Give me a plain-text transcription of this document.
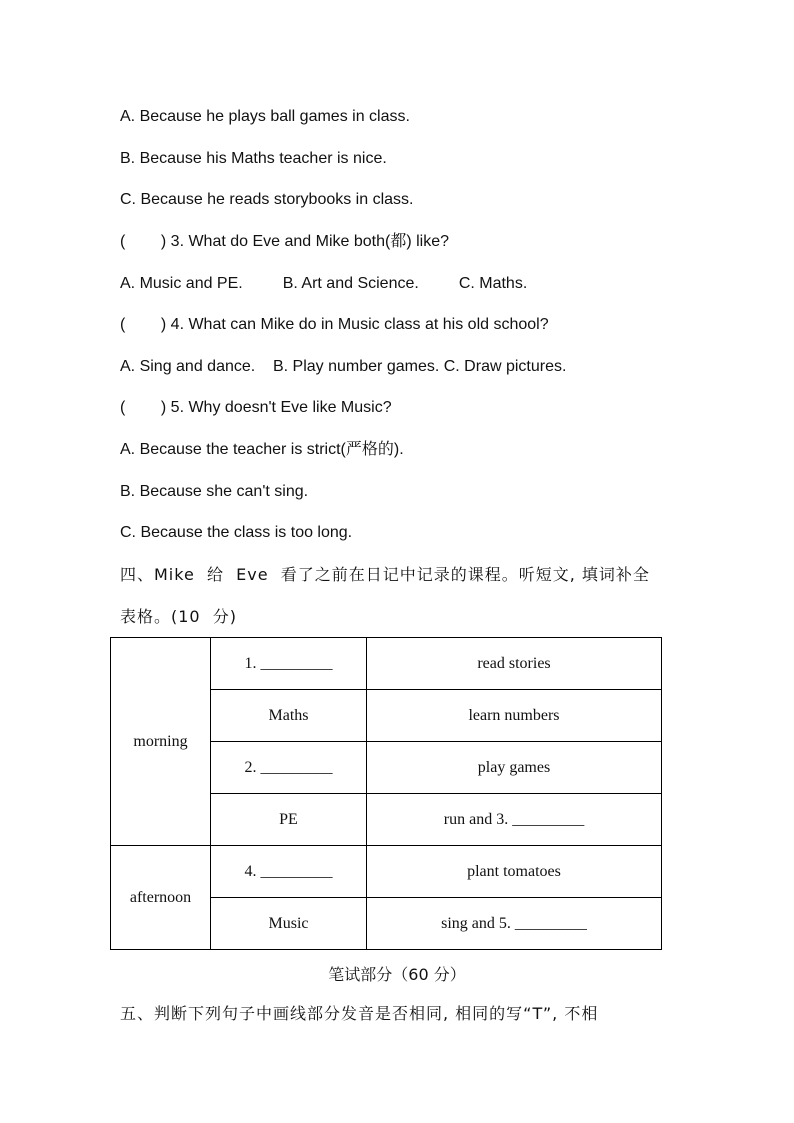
A. Because he plays ball games in class.
B. Because his Maths teacher is nice.
C. Because he reads storybooks in class.
(        ) 3. What do Eve and Mike both(都) like?
A. Music and PE.         B. Art and Science.         C. Maths.
(        ) 4. What can Mike do in Music class at his old school?
A. Sing and dance.    B. Play number games. C. Draw pictures.
(        ) 5. Why doesn't Eve like Music?
A. Because the teacher is strict(严格的).
B. Because she can't sing.
C. Because the class is too long.
四、Mike  给  Eve  看了之前在日记中记录的课程。听短文, 填词补全
表格。(10  分)
morning	1. _________	read stories
	Maths	learn numbers
	2. _________	play games
	PE	run and 3. _________
afternoon	4. _________	plant tomatoes
	Music	sing and 5. _________
笔试部分（60 分）
五、判断下列句子中画线部分发音是否相同, 相同的写“T”, 不相
